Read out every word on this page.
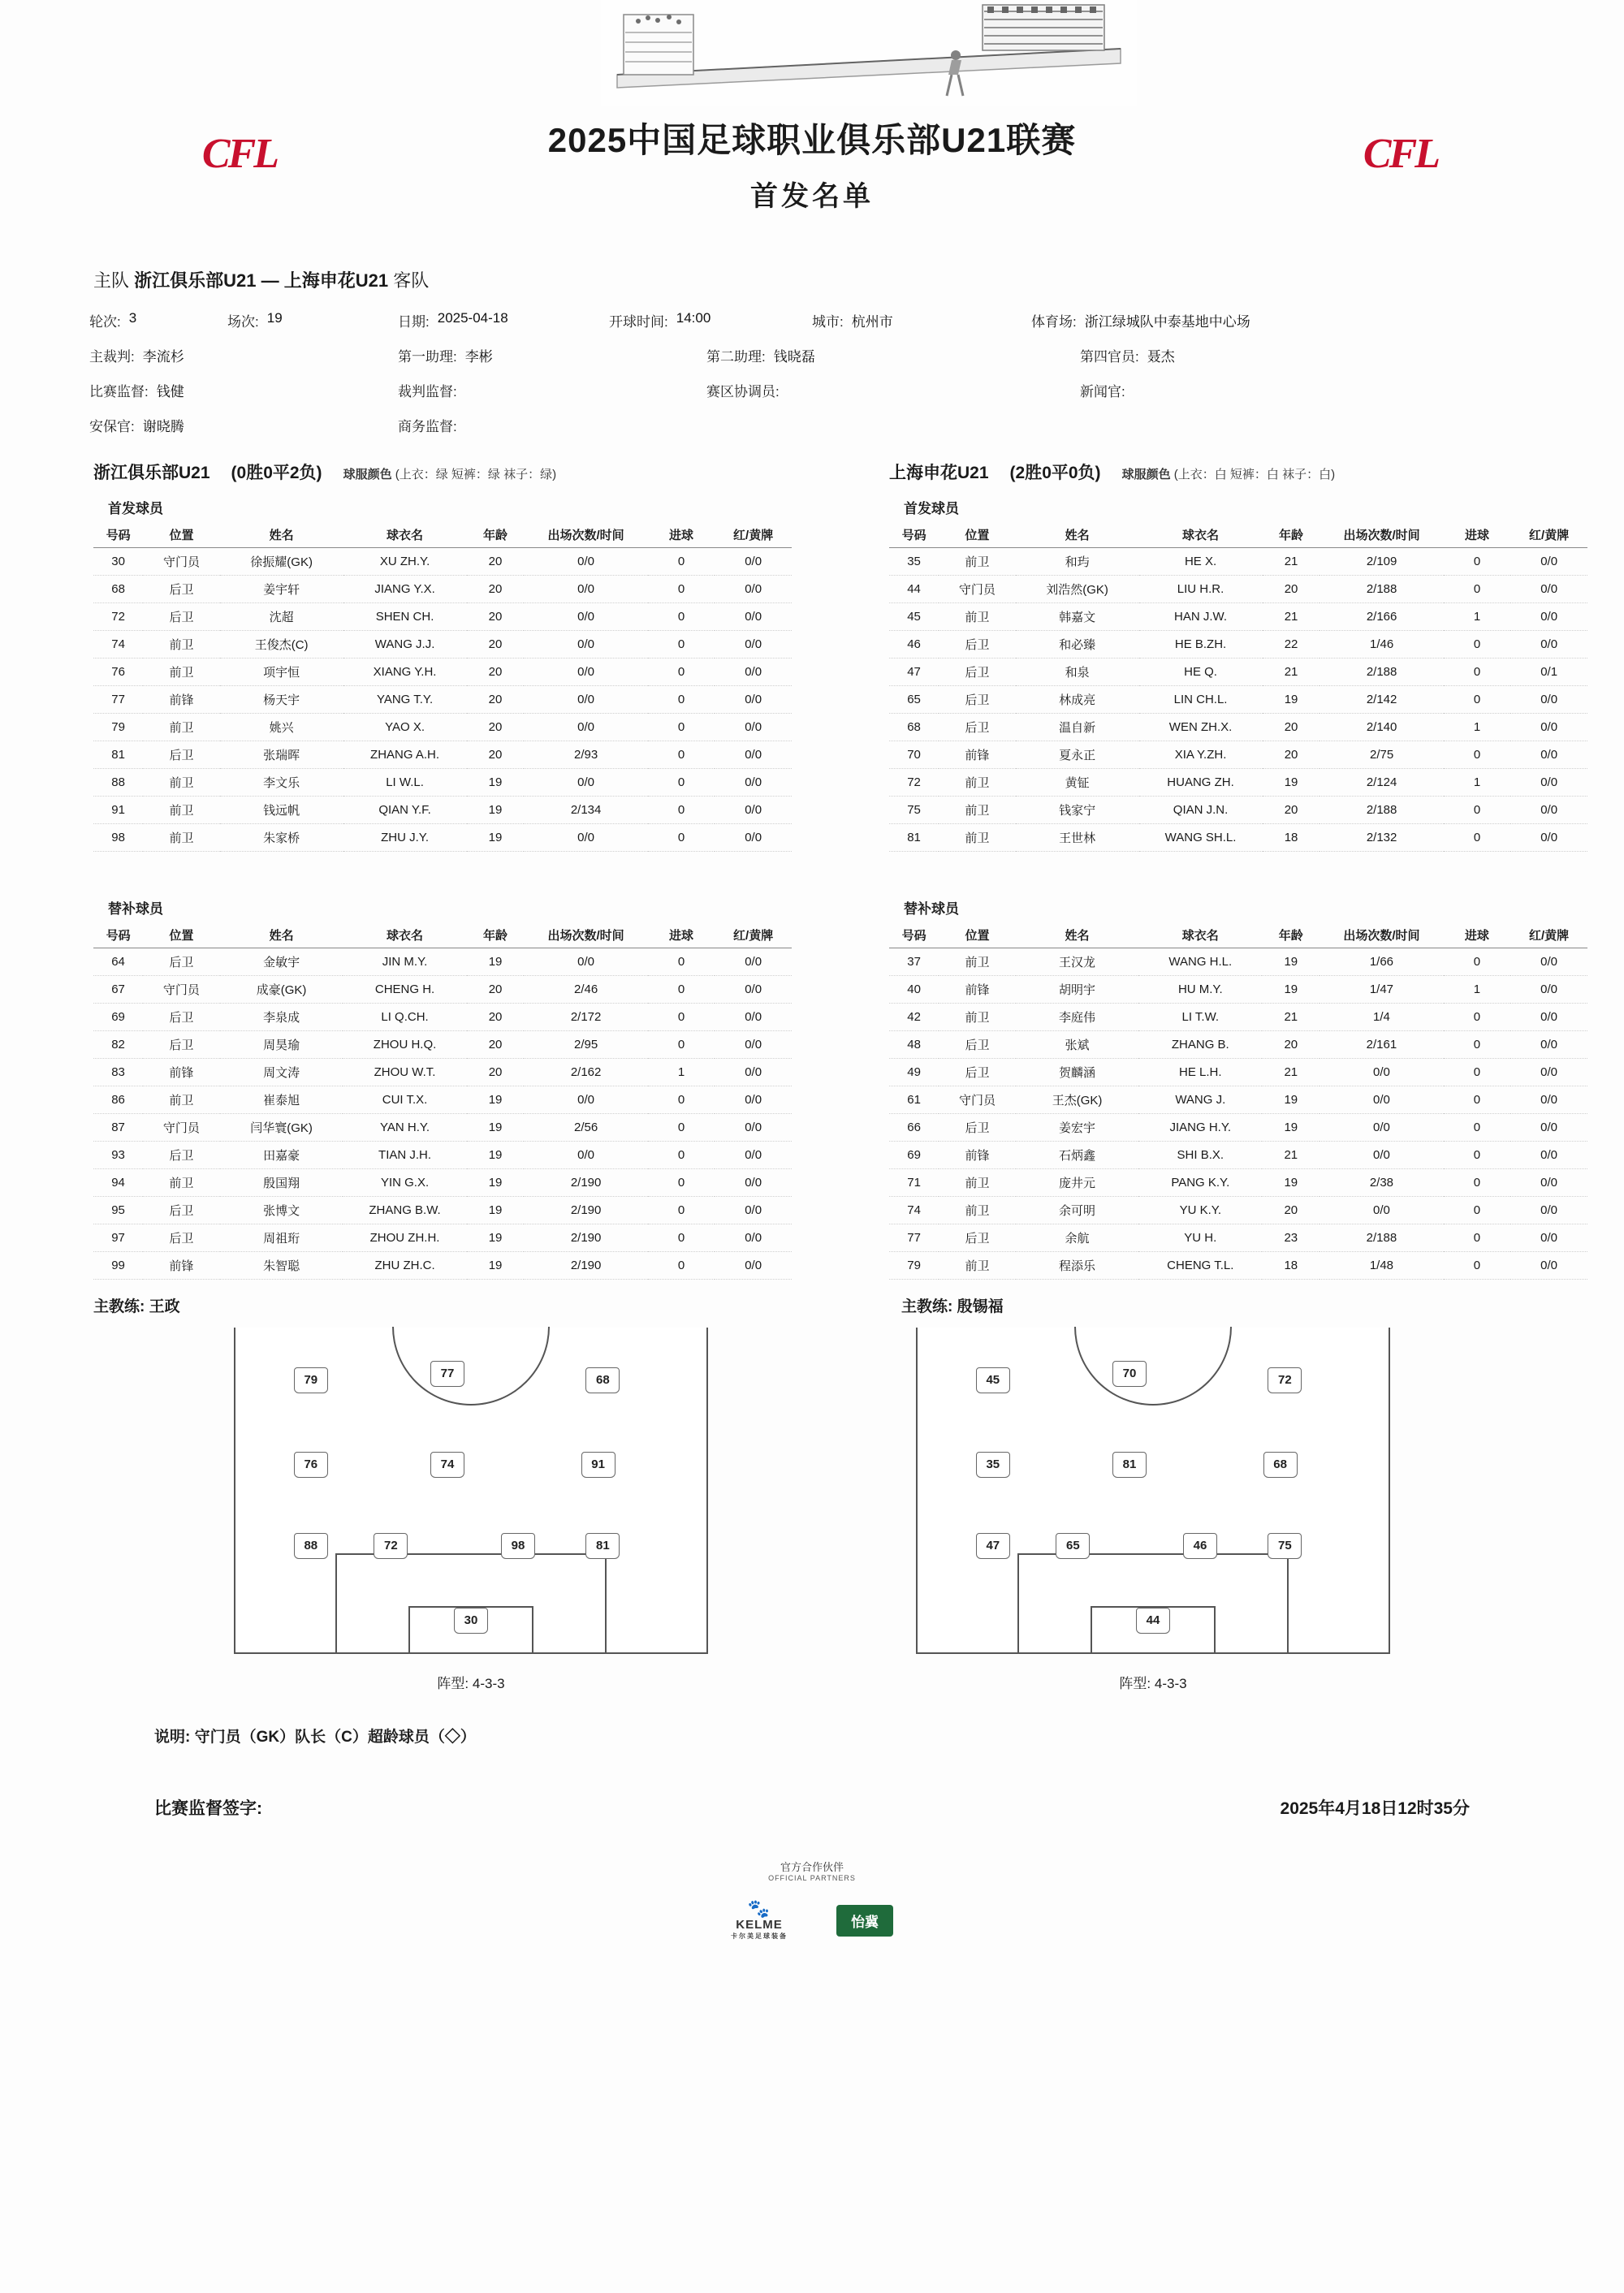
CFL	CFL
2025中国足球职业俱乐部U21联赛
首发名单
主队 浙江俱乐部U21 — 上海申花U21 客队
轮次: 3	场次: 19	日期: 2025-04-18	开球时间: 14:00	城市: 杭州市	体育场: 浙江绿城队中泰基地中心场
主裁判: 李流杉	第一助理: 李彬	第二助理: 钱晓磊	第四官员: 聂杰
比赛监督: 钱健	裁判监督:	赛区协调员:	新闻官:
安保官: 谢晓腾	商务监督:
浙江俱乐部U21 (0胜0平2负) 球服颜色 (上衣：绿 短裤：绿 袜子：绿)
首发球员
号码	位置	姓名	球衣名	年龄	出场次数/时间	进球	红/黄牌
30	守门员	徐振耀(GK)	XU ZH.Y.	20	0/0	0	0/0
68	后卫	姜宇轩	JIANG Y.X.	20	0/0	0	0/0
72	后卫	沈超	SHEN CH.	20	0/0	0	0/0
74	前卫	王俊杰(C)	WANG J.J.	20	0/0	0	0/0
76	前卫	项宇恒	XIANG Y.H.	20	0/0	0	0/0
77	前锋	杨天宇	YANG T.Y.	20	0/0	0	0/0
79	前卫	姚兴	YAO X.	20	0/0	0	0/0
81	后卫	张瑞晖	ZHANG A.H.	20	2/93	0	0/0
88	前卫	李文乐	LI W.L.	19	0/0	0	0/0
91	前卫	钱远帆	QIAN Y.F.	19	2/134	0	0/0
98	前卫	朱家桥	ZHU J.Y.	19	0/0	0	0/0
替补球员
号码	位置	姓名	球衣名	年龄	出场次数/时间	进球	红/黄牌
64	后卫	金敏宇	JIN M.Y.	19	0/0	0	0/0
67	守门员	成豪(GK)	CHENG H.	20	2/46	0	0/0
69	后卫	李泉成	LI Q.CH.	20	2/172	0	0/0
82	后卫	周昊瑜	ZHOU H.Q.	20	2/95	0	0/0
83	前锋	周文涛	ZHOU W.T.	20	2/162	1	0/0
86	前卫	崔泰旭	CUI T.X.	19	0/0	0	0/0
87	守门员	闫华寰(GK)	YAN H.Y.	19	2/56	0	0/0
93	后卫	田嘉豪	TIAN J.H.	19	0/0	0	0/0
94	前卫	殷国翔	YIN G.X.	19	2/190	0	0/0
95	后卫	张博文	ZHANG B.W.	19	2/190	0	0/0
97	后卫	周祖珩	ZHOU ZH.H.	19	2/190	0	0/0
99	前锋	朱智聪	ZHU ZH.C.	19	2/190	0	0/0
上海申花U21 (2胜0平0负) 球服颜色 (上衣：白 短裤：白 袜子：白)
首发球员
号码	位置	姓名	球衣名	年龄	出场次数/时间	进球	红/黄牌
35	前卫	和玙	HE X.	21	2/109	0	0/0
44	守门员	刘浩然(GK)	LIU H.R.	20	2/188	0	0/0
45	前卫	韩嘉文	HAN J.W.	21	2/166	1	0/0
46	后卫	和必臻	HE B.ZH.	22	1/46	0	0/0
47	后卫	和泉	HE Q.	21	2/188	0	0/1
65	后卫	林成亮	LIN CH.L.	19	2/142	0	0/0
68	后卫	温自新	WEN ZH.X.	20	2/140	1	0/0
70	前锋	夏永正	XIA Y.ZH.	20	2/75	0	0/0
72	前卫	黄钲	HUANG ZH.	19	2/124	1	0/0
75	前卫	钱家宁	QIAN J.N.	20	2/188	0	0/0
81	前卫	王世林	WANG SH.L.	18	2/132	0	0/0
替补球员
号码	位置	姓名	球衣名	年龄	出场次数/时间	进球	红/黄牌
37	前卫	王汉龙	WANG H.L.	19	1/66	0	0/0
40	前锋	胡明宇	HU M.Y.	19	1/47	1	0/0
42	前卫	李庭伟	LI T.W.	21	1/4	0	0/0
48	后卫	张斌	ZHANG B.	20	2/161	0	0/0
49	后卫	贺麟涵	HE L.H.	21	0/0	0	0/0
61	守门员	王杰(GK)	WANG J.	19	0/0	0	0/0
66	后卫	姜宏宇	JIANG H.Y.	19	0/0	0	0/0
69	前锋	石炳鑫	SHI B.X.	21	0/0	0	0/0
71	前卫	庞井元	PANG K.Y.	19	2/38	0	0/0
74	前卫	余可明	YU K.Y.	20	0/0	0	0/0
77	后卫	余航	YU H.	23	2/188	0	0/0
79	前卫	程添乐	CHENG T.L.	18	1/48	0	0/0
主教练: 王政	主教练: 殷锡福
30
88	72	98	81
76	74	91
79	77	68
阵型: 4-3-3
44
47	65	46	75
35	81	68
45	70	72
阵型: 4-3-3
说明: 守门员（GK）队长（C）超龄球员（◇）
比赛监督签字:	2025年4月18日12时35分
官方合作伙伴
OFFICIAL PARTNERS
🐾
KELME
卡尔美足球装备
怡冀
